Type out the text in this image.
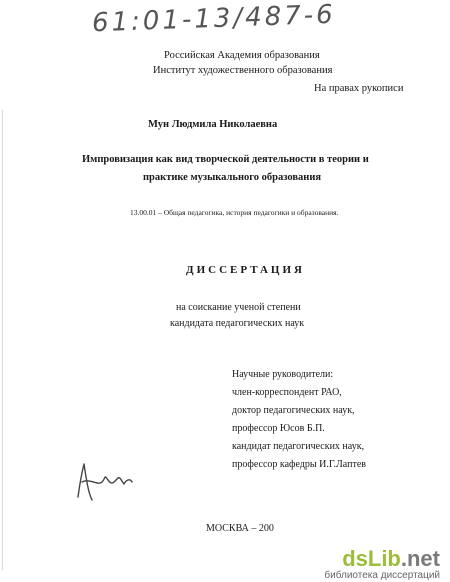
61:01-13/487-6
Российская Академия образования
Институт художественного образования
На правах рукописи
Мун Людмила Николаевна
Импровизация как вид творческой деятельности в теории и
практике музыкального образования
13.00.01 – Общая педагогика, история педагогики и образования.
ДИССЕРТАЦИЯ
на соискание ученой степени
кандидата педагогических наук
Научные руководители:
член-корреспондент РАО,
доктор педагогических наук,
профессор Юсов Б.П.
кандидат педагогических наук,
профессор кафедры И.Г.Лаптев
МОСКВА – 200
dsLib.net
библиотека диссертаций
